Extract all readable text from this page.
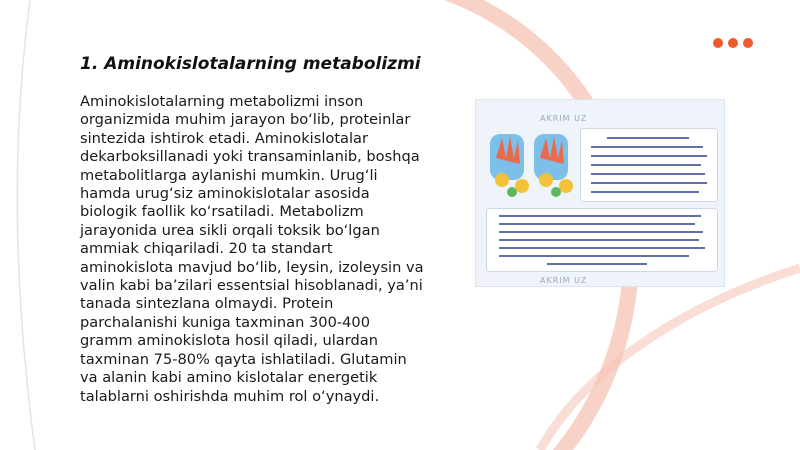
1. Aminokislotalarning metabolizmi

Aminokislotalarning metabolizmi inson organizmida muhim jarayon bo‘lib, proteinlar sintezida ishtirok etadi. Aminokislotalar dekarboksillanadi yoki transaminlanib, boshqa metabolitlarga aylanishi mumkin. Urug‘li hamda urug‘siz aminokislotalar asosida biologik faollik ko‘rsatiladi. Metabolizm jarayonida urea sikli orqali toksik bo‘lgan ammiak chiqariladi. 20 ta standart aminokislota mavjud bo‘lib, leysin, izoleysin va valin kabi ba’zilari essentsial hisoblanadi, ya’ni tanada sintezlana olmaydi. Protein parchalanishi kuniga taxminan 300-400 gramm aminokislota hosil qiladi, ulardan taxminan 75-80% qayta ishlatiladi. Glutamin va alanin kabi amino kislotalar energetik talablarni oshirishda muhim rol o‘ynaydi.

AKRIM UZ
AKRIM UZ
